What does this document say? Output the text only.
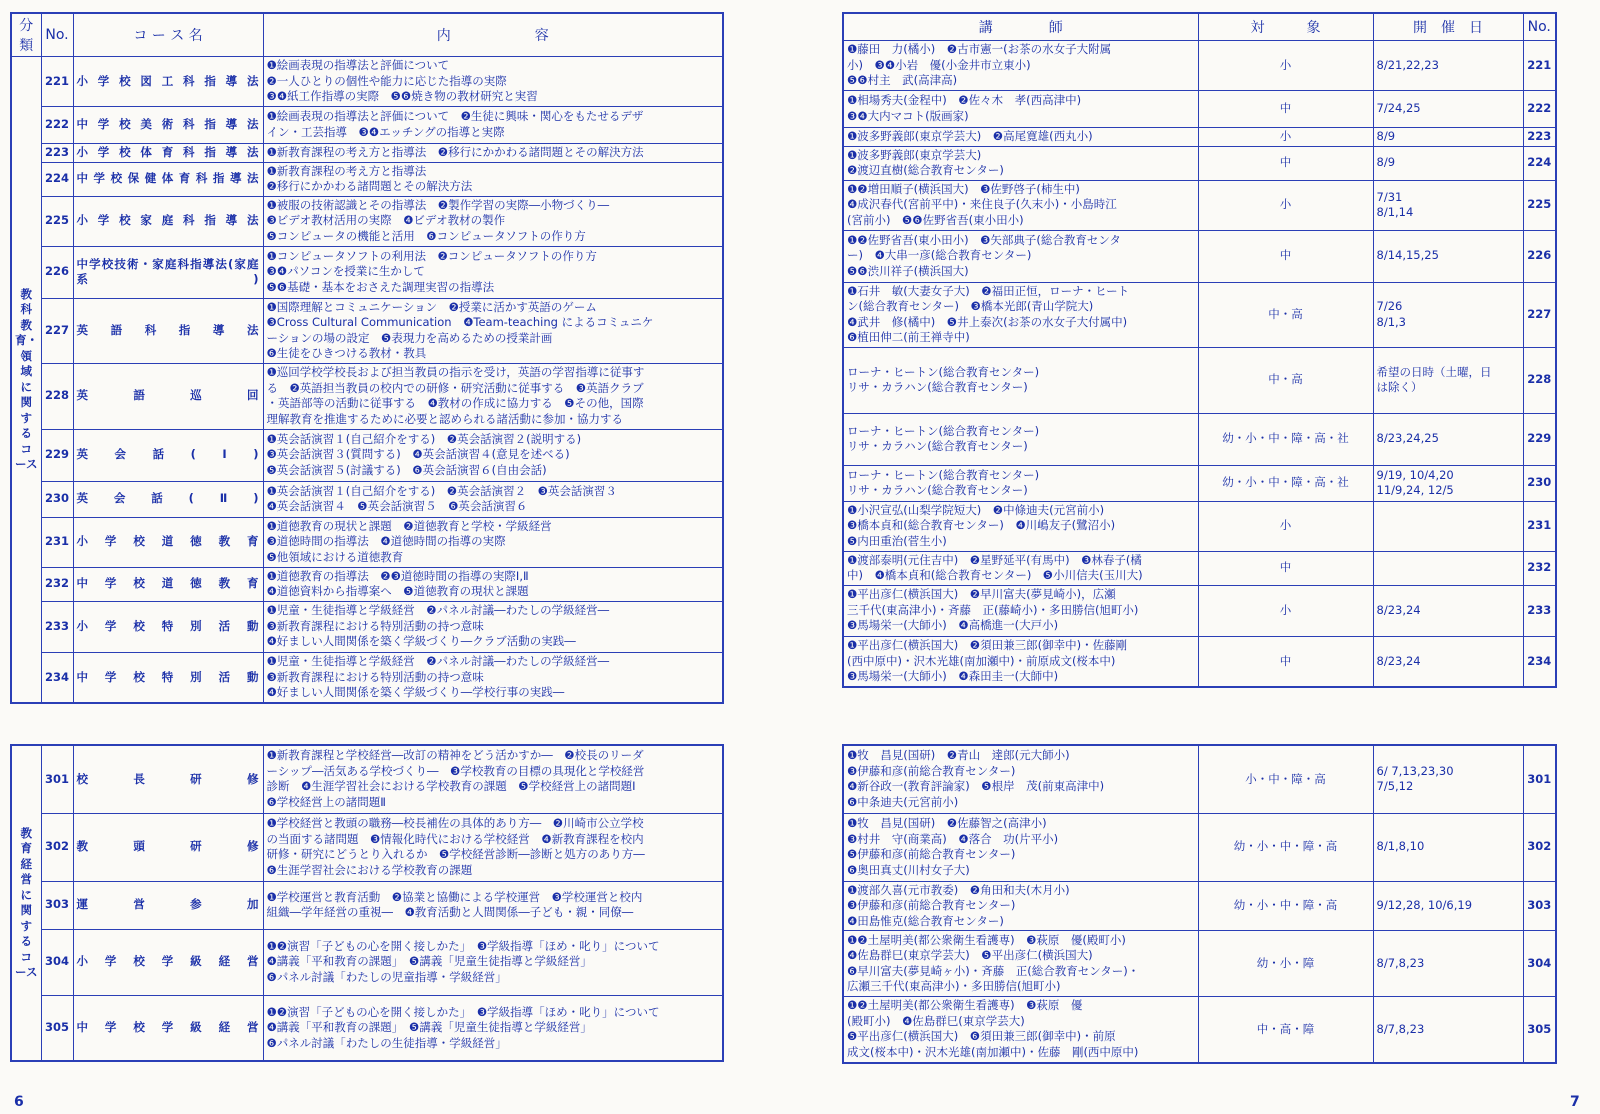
分類	No.	コ ー ス 名	内　　　　　　容

教科教育・領域に関するコース	221	小学校図工科指導法	❶絵画表現の指導法と評価について
❷一人ひとりの個性や能力に応じた指導の実際
❸❹紙工作指導の実際　❺❻焼き物の教材研究と実習

	222	中学校美術科指導法	❶絵画表現の指導法と評価について　❷生徒に興味・関心をもたせるデザ
イン・工芸指導　❸❹エッチングの指導と実際

	223	小学校体育科指導法	❶新教育課程の考え方と指導法　❷移行にかかわる諸問題とその解決方法

	224	中学校保健体育科指導法	❶新教育課程の考え方と指導法
❷移行にかかわる諸問題とその解決方法

	225	小学校家庭科指導法	❶被服の技術認識とその指導法　❷製作学習の実際―小物づくり―
❸ビデオ教材活用の実際　❹ビデオ教材の製作
❺コンピュータの機能と活用　❻コンピュータソフトの作り方

	226	中学校技術・家庭科指導法(家庭系)	❶コンピュータソフトの利用法　❷コンピュータソフトの作り方
❸❹パソコンを授業に生かして
❺❻基礎・基本をおさえた調理実習の指導法

	227	英語科指導法	❶国際理解とコミュニケーション　❷授業に活かす英語のゲーム
❸Cross Cultural Communication　❹Team-teaching によるコミュニケ
ーションの場の設定　❺表現力を高めるための授業計画
❻生徒をひきつける教材・教具

	228	英語巡回	❶巡回学校学校長および担当教員の指示を受け，英語の学習指導に従事す
る　❷英語担当教員の校内での研修・研究活動に従事する　❸英語クラブ
・英語部等の活動に従事する　❹教材の作成に協力する　❺その他，国際
理解教育を推進するために必要と認められる諸活動に参加・協力する

	229	英会話(Ⅰ)	❶英会話演習１(自己紹介をする)　❷英会話演習２(説明する)
❸英会話演習３(質問する)　❹英会話演習４(意見を述べる)
❺英会話演習５(討議する)　❻英会話演習６(自由会話)

	230	英会話(Ⅱ)	❶英会話演習１(自己紹介をする)　❷英会話演習２　❸英会話演習３
❹英会話演習４　❺英会話演習５　❻英会話演習６

	231	小学校道徳教育	❶道徳教育の現状と課題　❷道徳教育と学校・学級経営
❸道徳時間の指導法　❹道徳時間の指導の実際
❺他領域における道徳教育

	232	中学校道徳教育	❶道徳教育の指導法　❷❸道徳時間の指導の実際Ⅰ,Ⅱ
❹道徳資料から指導案へ　❺道徳教育の現状と課題

	233	小学校特別活動	❶児童・生徒指導と学級経営　❷パネル討議―わたしの学級経営―
❸新教育課程における特別活動の持つ意味
❹好ましい人間関係を築く学級づくり―クラブ活動の実践―

	234	中学校特別活動	❶児童・生徒指導と学級経営　❷パネル討議―わたしの学級経営―
❸新教育課程における特別活動の持つ意味
❹好ましい人間関係を築く学級づくり―学校行事の実践―
教育経営に関するコース	301	校長研修	❶新教育課程と学校経営―改訂の精神をどう活かすか―　❷校長のリーダ
ーシップ―活気ある学校づくり―　❸学校教育の目標の具現化と学校経営
診断　❹生涯学習社会における学校教育の課題　❺学校経営上の諸問題Ⅰ
❻学校経営上の諸問題Ⅱ

	302	教頭研修	❶学校経営と教頭の職務―校長補佐の具体的あり方―　❷川崎市公立学校
の当面する諸問題　❸情報化時代における学校経営　❹新教育課程を校内
研修・研究にどうとり入れるか　❺学校経営診断―診断と処方のあり方―
❻生涯学習社会における学校教育の課題

	303	運営参加	❶学校運営と教育活動　❷協業と協働による学校運営　❸学校運営と校内
組織―学年経営の重視―　❹教育活動と人間関係―子ども・親・同僚―

	304	小学校学級経営	❶❷演習「子どもの心を開く接しかた」　❸学級指導「ほめ・叱り」について
❹講義「平和教育の課題」　❺講義「児童生徒指導と学級経営」
❻パネル討議「わたしの児童指導・学級経営」

	305	中学校学級経営	❶❷演習「子どもの心を開く接しかた」　❸学級指導「ほめ・叱り」について
❹講義「平和教育の課題」　❺講義「児童生徒指導と学級経営」
❻パネル討議「わたしの生徒指導・学級経営」
6
講　　　　師	対　　　象	開　催　日	No.

❶藤田　力(橘小)　❷古市憲一(お茶の水女子大附属
小)　❸❹小岩　優(小金井市立東小)
❺❻村主　武(高津高)	小	8/21,22,23	221

❶相場秀夫(金程中)　❷佐々木　孝(西高津中)
❸❹大内マコト(版画家)	中	7/24,25	222

❶波多野義郎(東京学芸大)　❷高尾寛雄(西丸小)	小	8/9	223

❶波多野義郎(東京学芸大)
❷渡辺直樹(総合教育センター)	中	8/9	224

❶❷増田順子(横浜国大)　❸佐野啓子(柿生中)
❹成沢春代(宮前平中)・来住良子(久末小)・小島時江
(宮前小)　❺❻佐野省吾(東小田小)	小	7/31
8/1,14	225

❶❷佐野省吾(東小田小)　❸矢部典子(総合教育センタ
ー)　❹大串一彦(総合教育センター)
❺❻渋川祥子(横浜国大)	中	8/14,15,25	226

❶石井　敏(大妻女子大)　❷福田正恒，ローナ・ヒート
ン(総合教育センター)　❸橋本光郎(青山学院大)
❹武井　修(橘中)　❺井上泰次(お茶の水女子大付属中)
❻植田伸二(前王禅寺中)	中・高	7/26
8/1,3	227

ローナ・ヒートン(総合教育センター)
リサ・カラハン(総合教育センター)	中・高	希望の日時（土曜，日
は除く）	228

ローナ・ヒートン(総合教育センター)
リサ・カラハン(総合教育センター)	幼・小・中・障・高・社	8/23,24,25	229

ローナ・ヒートン(総合教育センター)
リサ・カラハン(総合教育センター)	幼・小・中・障・高・社	9/19, 10/4,20
11/9,24, 12/5	230

❶小沢宣弘(山梨学院短大)　❷中條迪夫(元宮前小)
❸橋本貞和(総合教育センター)　❹川嶋友子(鷺沼小)
❺内田重治(菅生小)	小		231

❶渡部泰明(元住吉中)　❷星野延平(有馬中)　❸林春子(橘
中)　❹橋本貞和(総合教育センター)　❺小川信夫(玉川大)	中		232

❶平出彦仁(横浜国大)　❷早川富夫(夢見崎小)，広瀬
三千代(東高津小)・斉藤　正(藤崎小)・多田勝信(旭町小)
❸馬場栄一(大師小)　❹高橋進一(大戸小)	小	8/23,24	233

❶平出彦仁(横浜国大)　❷須田兼三郎(御幸中)・佐藤剛
(西中原中)・沢木光雄(南加瀬中)・前原成文(桜本中)
❸馬場栄一(大師小)　❹森田圭一(大師中)	中	8/23,24	234
❶牧　昌見(国研)　❷青山　達郎(元大師小)
❸伊藤和彦(前総合教育センター)
❹新谷政一(教育評論家)　❺根岸　茂(前東高津中)
❻中条迪夫(元宮前小)	小・中・障・高	6/ 7,13,23,30
7/5,12	301

❶牧　昌見(国研)　❷佐藤智之(高津小)
❸村井　守(商業高)　❹落合　功(片平小)
❺伊藤和彦(前総合教育センター)
❻奥田真丈(川村女子大)	幼・小・中・障・高	8/1,8,10	302

❶渡部久喜(元市教委)　❷角田和夫(木月小)
❸伊藤和彦(前総合教育センター)
❹田島惟克(総合教育センター)	幼・小・中・障・高	9/12,28, 10/6,19	303

❶❷土屋明美(都公衆衛生看護専)　❸萩原　優(殿町小)
❹佐島群巳(東京学芸大)　❺平出彦仁(横浜国大)
❻早川富夫(夢見崎ヶ小)・斉藤　正(総合教育センター)・
広瀬三千代(東高津小)・多田勝信(旭町小)	幼・小・障	8/7,8,23	304

❶❷土屋明美(都公衆衛生看護専)　❸萩原　優
(殿町小)　❹佐島群巳(東京学芸大)
❺平出彦仁(横浜国大)　❻須田兼三郎(御幸中)・前原
成文(桜本中)・沢木光雄(南加瀬中)・佐藤　剛(西中原中)	中・高・障	8/7,8,23	305
7
